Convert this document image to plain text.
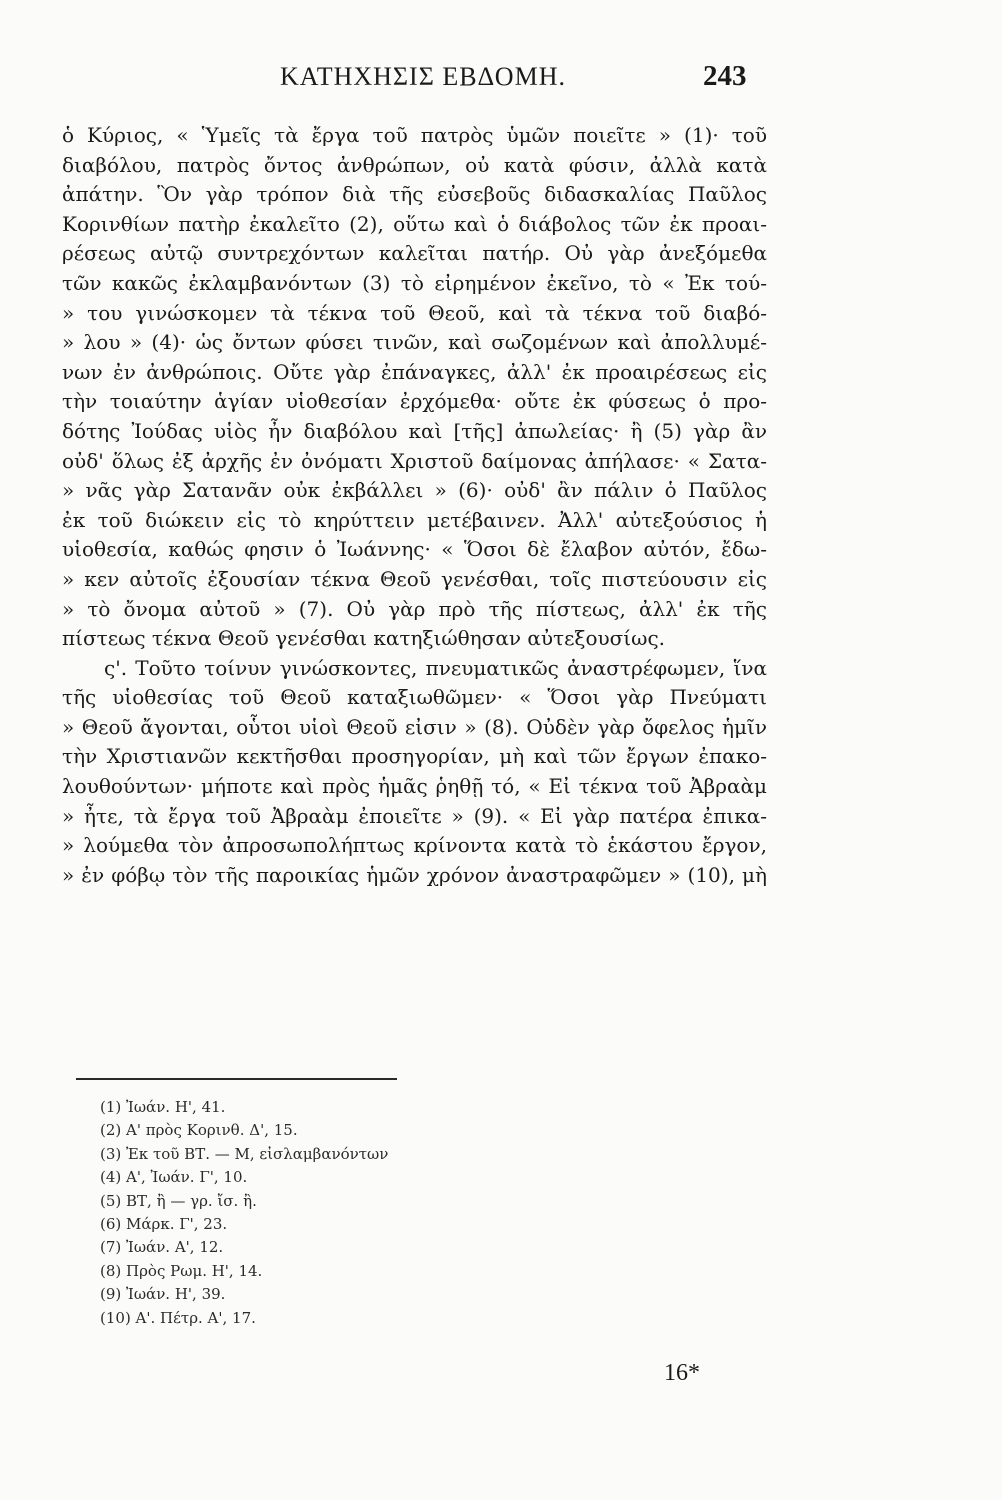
ΚΑΤΗΧΗΣΙΣ ΕΒΔΟΜΗ.	243
ὁ Κύριος, « Ὑμεῖς τὰ ἔργα τοῦ πατρὸς ὑμῶν ποιεῖτε » (1)· τοῦ
διαβόλου, πατρὸς ὄντος ἀνθρώπων, οὐ κατὰ φύσιν, ἀλλὰ κατὰ
ἀπάτην. Ὃν γὰρ τρόπον διὰ τῆς εὐσεβοῦς διδασκαλίας Παῦλος
Κορινθίων πατὴρ ἐκαλεῖτο (2), οὕτω καὶ ὁ διάβολος τῶν ἐκ προαι-
ρέσεως αὐτῷ συντρεχόντων καλεῖται πατήρ. Οὐ γὰρ ἀνεξόμεθα
τῶν κακῶς ἐκλαμβανόντων (3) τὸ εἰρημένον ἐκεῖνο, τὸ « Ἐκ τού-
» του γινώσκομεν τὰ τέκνα τοῦ Θεοῦ, καὶ τὰ τέκνα τοῦ διαβό-
» λου » (4)· ὡς ὄντων φύσει τινῶν, καὶ σωζομένων καὶ ἀπολλυμέ-
νων ἐν ἀνθρώποις. Οὔτε γὰρ ἐπάναγκες, ἀλλ' ἐκ προαιρέσεως εἰς
τὴν τοιαύτην ἁγίαν υἱοθεσίαν ἐρχόμεθα· οὔτε ἐκ φύσεως ὁ προ-
δότης Ἰούδας υἱὸς ἦν διαβόλου καὶ [τῆς] ἀπωλείας· ἢ (5) γὰρ ἂν
οὐδ' ὅλως ἐξ ἀρχῆς ἐν ὀνόματι Χριστοῦ δαίμονας ἀπήλασε· « Σατα-
» νᾶς γὰρ Σατανᾶν οὐκ ἐκβάλλει » (6)· οὐδ' ἂν πάλιν ὁ Παῦλος
ἐκ τοῦ διώκειν εἰς τὸ κηρύττειν μετέβαινεν. Ἀλλ' αὐτεξούσιος ἡ
υἱοθεσία, καθώς φησιν ὁ Ἰωάννης· « Ὅσοι δὲ ἔλαβον αὐτόν, ἔδω-
» κεν αὐτοῖς ἐξουσίαν τέκνα Θεοῦ γενέσθαι, τοῖς πιστεύουσιν εἰς
» τὸ ὄνομα αὐτοῦ » (7). Οὐ γὰρ πρὸ τῆς πίστεως, ἀλλ' ἐκ τῆς
πίστεως τέκνα Θεοῦ γενέσθαι κατηξιώθησαν αὐτεξουσίως.
ς'. Τοῦτο τοίνυν γινώσκοντες, πνευματικῶς ἀναστρέφωμεν, ἵνα
τῆς υἱοθεσίας τοῦ Θεοῦ καταξιωθῶμεν· « Ὅσοι γὰρ Πνεύματι
» Θεοῦ ἄγονται, οὗτοι υἱοὶ Θεοῦ εἰσιν » (8). Οὐδὲν γὰρ ὄφελος ἡμῖν
τὴν Χριστιανῶν κεκτῆσθαι προσηγορίαν, μὴ καὶ τῶν ἔργων ἐπακο-
λουθούντων· μήποτε καὶ πρὸς ἡμᾶς ῥηθῇ τό, « Εἰ τέκνα τοῦ Ἀβραὰμ
» ἦτε, τὰ ἔργα τοῦ Ἀβραὰμ ἐποιεῖτε » (9). « Εἰ γὰρ πατέρα ἐπικα-
» λούμεθα τὸν ἀπροσωπολήπτως κρίνοντα κατὰ τὸ ἑκάστου ἔργον,
» ἐν φόβῳ τὸν τῆς παροικίας ἡμῶν χρόνον ἀναστραφῶμεν » (10), μὴ
(1) Ἰωάν. Η', 41.
(2) Α' πρὸς Κορινθ. Δ', 15.
(3) Ἐκ τοῦ ΒΤ. — Μ, εἰσλαμβανόντων
(4) Α', Ἰωάν. Γ', 10.
(5) ΒΤ, ἢ — γρ. ἴσ. ἢ.
(6) Μάρκ. Γ', 23.
(7) Ἰωάν. Α', 12.
(8) Πρὸς Ρωμ. Η', 14.
(9) Ἰωάν. Η', 39.
(10) Α'. Πέτρ. Α', 17.
16*
